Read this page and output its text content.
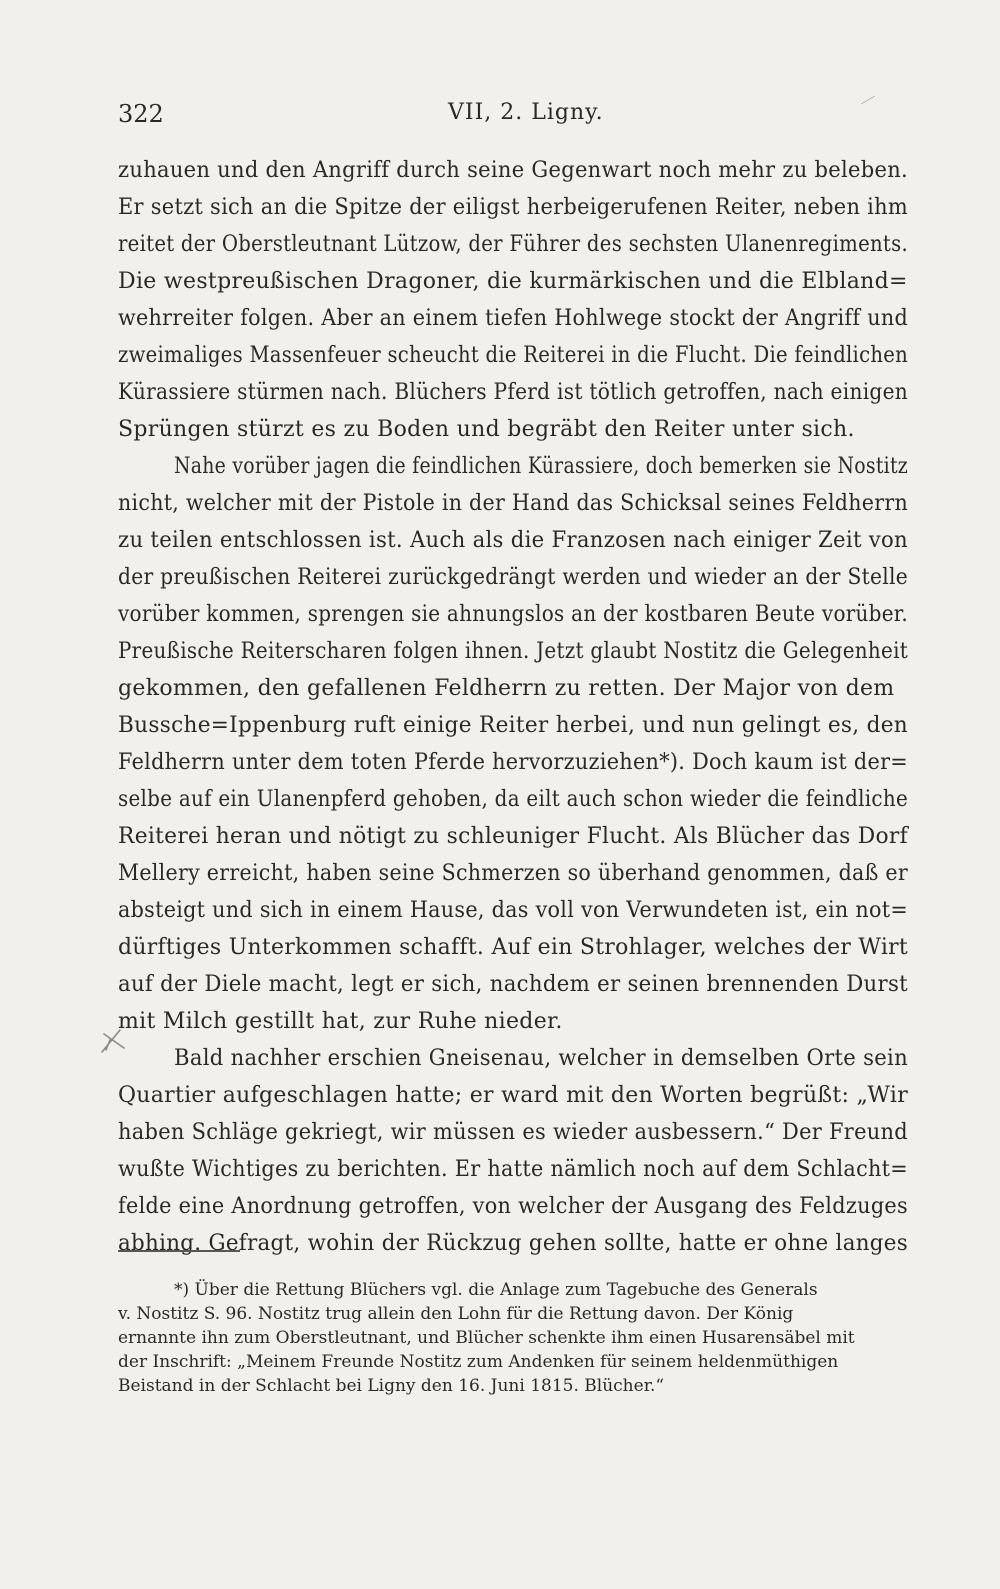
322	VII, 2. Ligny.
zuhauen und den Angriff durch seine Gegenwart noch mehr zu beleben.
Er setzt sich an die Spitze der eiligst herbeigerufenen Reiter, neben ihm
reitet der Oberstleutnant Lützow, der Führer des sechsten Ulanenregiments.
Die westpreußischen Dragoner, die kurmärkischen und die Elbland=
wehrreiter folgen. Aber an einem tiefen Hohlwege stockt der Angriff und
zweimaliges Massenfeuer scheucht die Reiterei in die Flucht. Die feindlichen
Kürassiere stürmen nach. Blüchers Pferd ist tötlich getroffen, nach einigen
Sprüngen stürzt es zu Boden und begräbt den Reiter unter sich.
Nahe vorüber jagen die feindlichen Kürassiere, doch bemerken sie Nostitz
nicht, welcher mit der Pistole in der Hand das Schicksal seines Feldherrn
zu teilen entschlossen ist. Auch als die Franzosen nach einiger Zeit von
der preußischen Reiterei zurückgedrängt werden und wieder an der Stelle
vorüber kommen, sprengen sie ahnungslos an der kostbaren Beute vorüber.
Preußische Reiterscharen folgen ihnen. Jetzt glaubt Nostitz die Gelegenheit
gekommen, den gefallenen Feldherrn zu retten. Der Major von dem
Bussche=Ippenburg ruft einige Reiter herbei, und nun gelingt es, den
Feldherrn unter dem toten Pferde hervorzuziehen*). Doch kaum ist der=
selbe auf ein Ulanenpferd gehoben, da eilt auch schon wieder die feindliche
Reiterei heran und nötigt zu schleuniger Flucht. Als Blücher das Dorf
Mellery erreicht, haben seine Schmerzen so überhand genommen, daß er
absteigt und sich in einem Hause, das voll von Verwundeten ist, ein not=
dürftiges Unterkommen schafft. Auf ein Strohlager, welches der Wirt
auf der Diele macht, legt er sich, nachdem er seinen brennenden Durst
mit Milch gestillt hat, zur Ruhe nieder.
Bald nachher erschien Gneisenau, welcher in demselben Orte sein
Quartier aufgeschlagen hatte; er ward mit den Worten begrüßt: „Wir
haben Schläge gekriegt, wir müssen es wieder ausbessern.“ Der Freund
wußte Wichtiges zu berichten. Er hatte nämlich noch auf dem Schlacht=
felde eine Anordnung getroffen, von welcher der Ausgang des Feldzuges
abhing. Gefragt, wohin der Rückzug gehen sollte, hatte er ohne langes
*) Über die Rettung Blüchers vgl. die Anlage zum Tagebuche des Generals
v. Nostitz S. 96. Nostitz trug allein den Lohn für die Rettung davon. Der König
ernannte ihn zum Oberstleutnant, und Blücher schenkte ihm einen Husarensäbel mit
der Inschrift: „Meinem Freunde Nostitz zum Andenken für seinem heldenmüthigen
Beistand in der Schlacht bei Ligny den 16. Juni 1815. Blücher.“
